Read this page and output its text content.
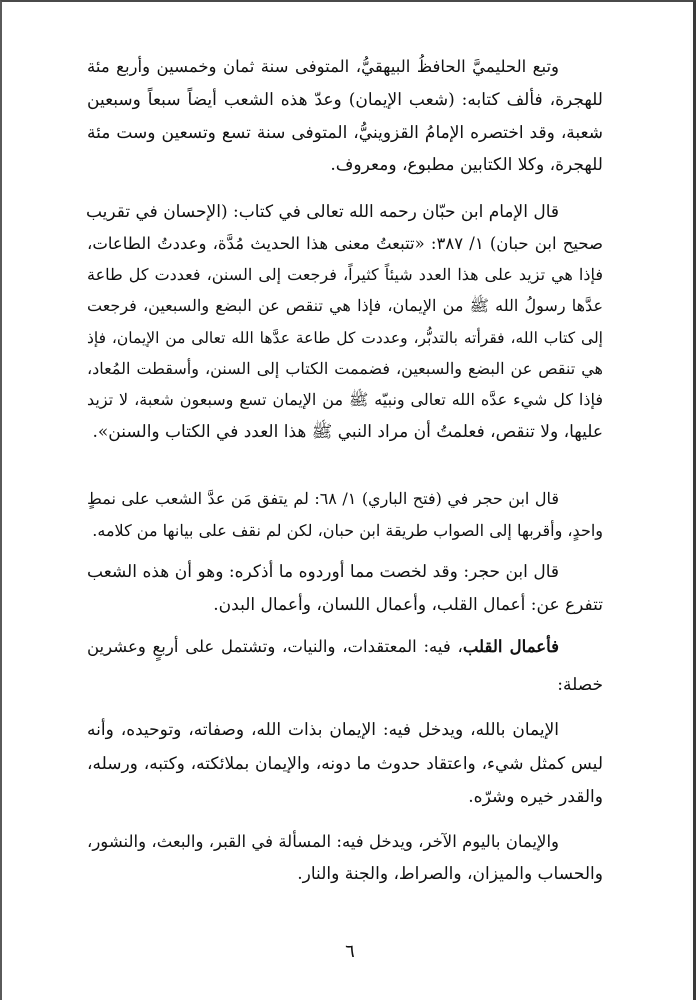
وتبع الحليميَّ الحافظُ البيهقيُّ، المتوفى سنة ثمان وخمسين وأربع مئة
للهجرة، فألف كتابه: (شعب الإيمان) وعدّ هذه الشعب أيضاً سبعاً وسبعين
شعبة، وقد اختصره الإمامُ القزوينيُّ، المتوفى سنة تسع وتسعين وست مئة
للهجرة، وكلا الكتابين مطبوع، ومعروف.
قال الإمام ابن حبّان رحمه الله تعالى في كتاب: (الإحسان في تقريب
صحيح ابن حبان) ١/ ٣٨٧: «تتبعتُ معنى هذا الحديث مُدَّة، وعددتُ الطاعات،
فإذا هي تزيد على هذا العدد شيئاً كثيراً، فرجعت إلى السنن، فعددت كل طاعة
عدَّها رسولُ الله ﷺ من الإيمان، فإذا هي تنقص عن البضع والسبعين، فرجعت
إلى كتاب الله، فقرأته بالتدبُّر، وعددت كل طاعة عدَّها الله تعالى من الإيمان، فإذ
هي تنقص عن البضع والسبعين، فضممت الكتاب إلى السنن، وأسقطت المُعاد،
فإذا كل شيء عدَّه الله تعالى ونبيّه ﷺ من الإيمان تسع وسبعون شعبة، لا تزيد
عليها، ولا تنقص، فعلمتُ أن مراد النبي ﷺ هذا العدد في الكتاب والسنن».
قال ابن حجر في (فتح الباري) ١/ ٦٨: لم يتفق مَن عدَّ الشعب على نمطٍ
واحدٍ، وأقربها إلى الصواب طريقة ابن حبان، لكن لم نقف على بيانها من كلامه.
قال ابن حجر: وقد لخصت مما أوردوه ما أذكره: وهو أن هذه الشعب
تتفرع عن: أعمال القلب، وأعمال اللسان، وأعمال البدن.
فأعمال القلب، فيه: المعتقدات، والنيات، وتشتمل على أربعٍ وعشرين
خصلة:
الإيمان بالله، ويدخل فيه: الإيمان بذات الله، وصفاته، وتوحيده، وأنه
ليس كمثل شيء، واعتقاد حدوث ما دونه، والإيمان بملائكته، وكتبه، ورسله،
والقدر خيره وشرّه.
والإيمان باليوم الآخر، ويدخل فيه: المسألة في القبر، والبعث، والنشور،
والحساب والميزان، والصراط، والجنة والنار.
٦
